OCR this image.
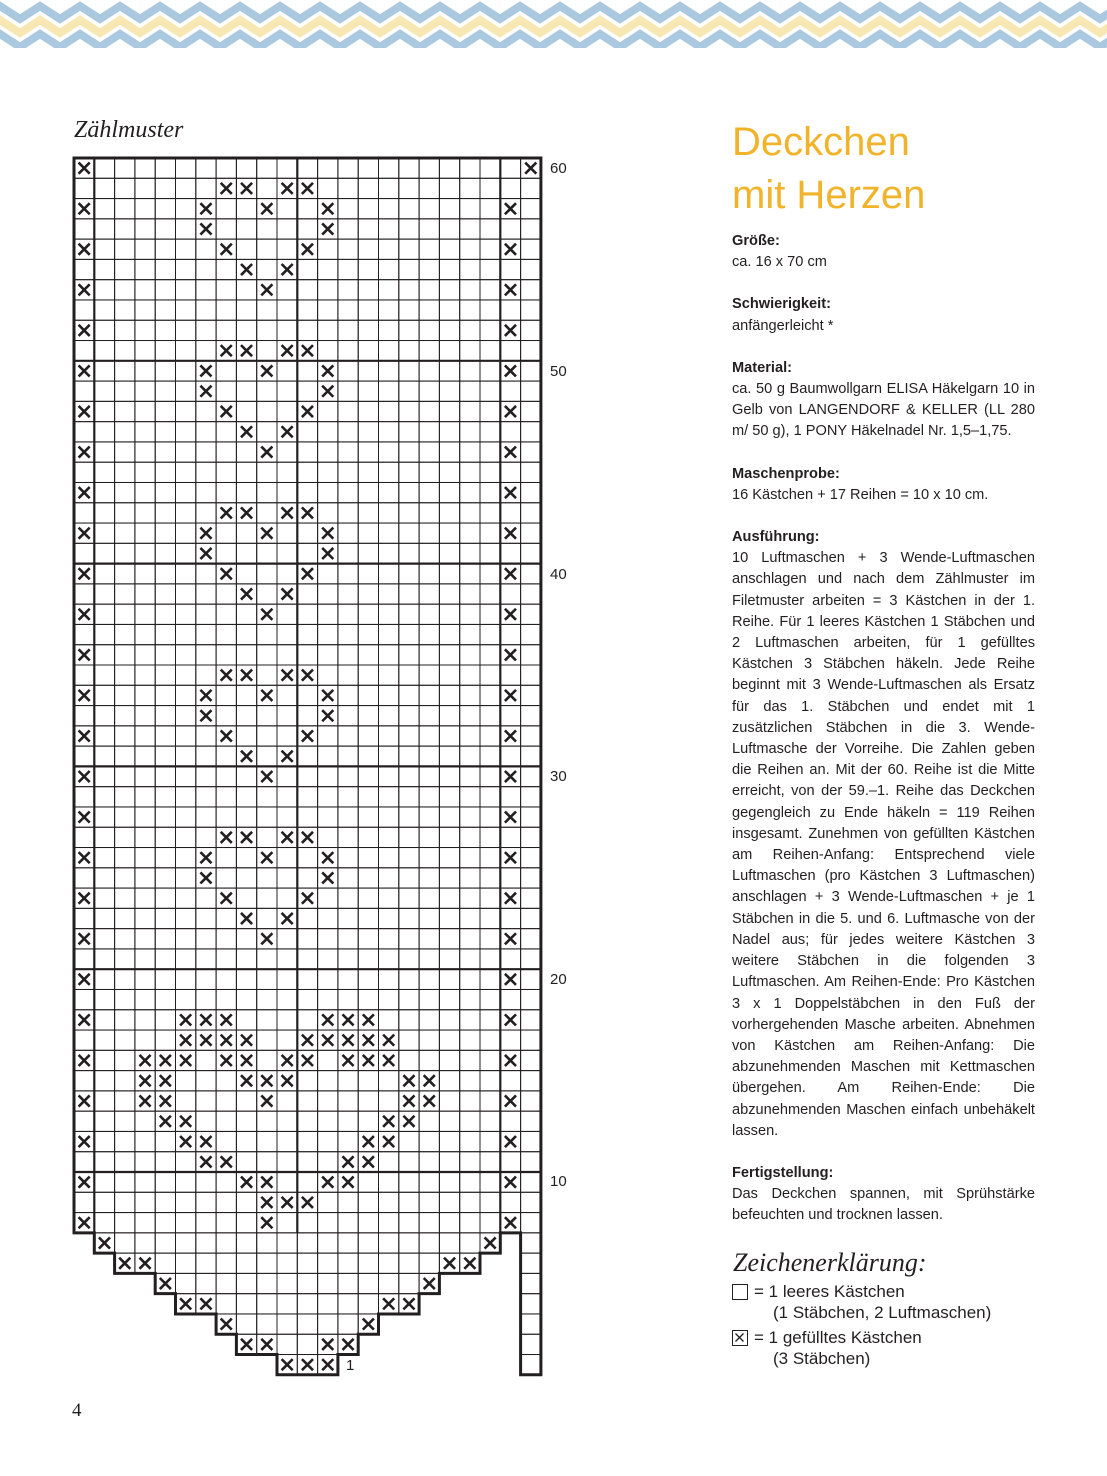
Zählmuster
60
50
40
30
20
10
1
4
Deckchen
mit Herzen
Größe:

ca. 16 x 70 cm

Schwierigkeit:

anfängerleicht *

Material:

ca. 50 g Baumwollgarn ELISA Häkelgarn 10 in Gelb von LANGENDORF & KELLER (LL 280 m/ 50 g), 1 PONY Häkelnadel Nr. 1,5–1,75.

Maschenprobe:

16 Kästchen + 17 Reihen = 10 x 10 cm.

Ausführung:

10 Luftmaschen + 3 Wende-Luftmaschen anschlagen und nach dem Zählmuster im Filetmuster arbeiten = 3 Kästchen in der 1. Reihe. Für 1 leeres Kästchen 1 Stäbchen und 2 Luftmaschen arbeiten, für 1 gefülltes Kästchen 3 Stäbchen häkeln. Jede Reihe beginnt mit 3 Wende-Luftmaschen als Ersatz für das 1. Stäbchen und endet mit 1 zusätzlichen Stäbchen in die 3. Wende-Luftmasche der Vorreihe. Die Zahlen geben die Reihen an. Mit der 60. Reihe ist die Mitte erreicht, von der 59.–1. Reihe das Deckchen gegengleich zu Ende häkeln = 119 Reihen insgesamt. Zunehmen von gefüllten Kästchen am Reihen-Anfang: Entsprechend viele Luftmaschen (pro Kästchen 3 Luftmaschen) anschlagen + 3 Wende-Luftmaschen + je 1 Stäbchen in die 5. und 6. Luftmasche von der Nadel aus; für jedes weitere Kästchen 3 weitere Stäbchen in die folgenden 3 Luftmaschen. Am Reihen-Ende: Pro Kästchen 3 x 1 Doppelstäbchen in den Fuß der vorhergehenden Masche arbeiten. Abnehmen von Kästchen am Reihen-Anfang: Die abzunehmenden Maschen mit Kettmaschen übergehen. Am Reihen-Ende: Die abzunehmenden Maschen einfach unbehäkelt lassen.

Fertigstellung:

Das Deckchen spannen, mit Sprühstärke befeuchten und trocknen lassen.

Zeichenerklärung:
= 1 leeres Kästchen
(1 Stäbchen, 2 Luftmaschen)
= 1 gefülltes Kästchen
(3 Stäbchen)
